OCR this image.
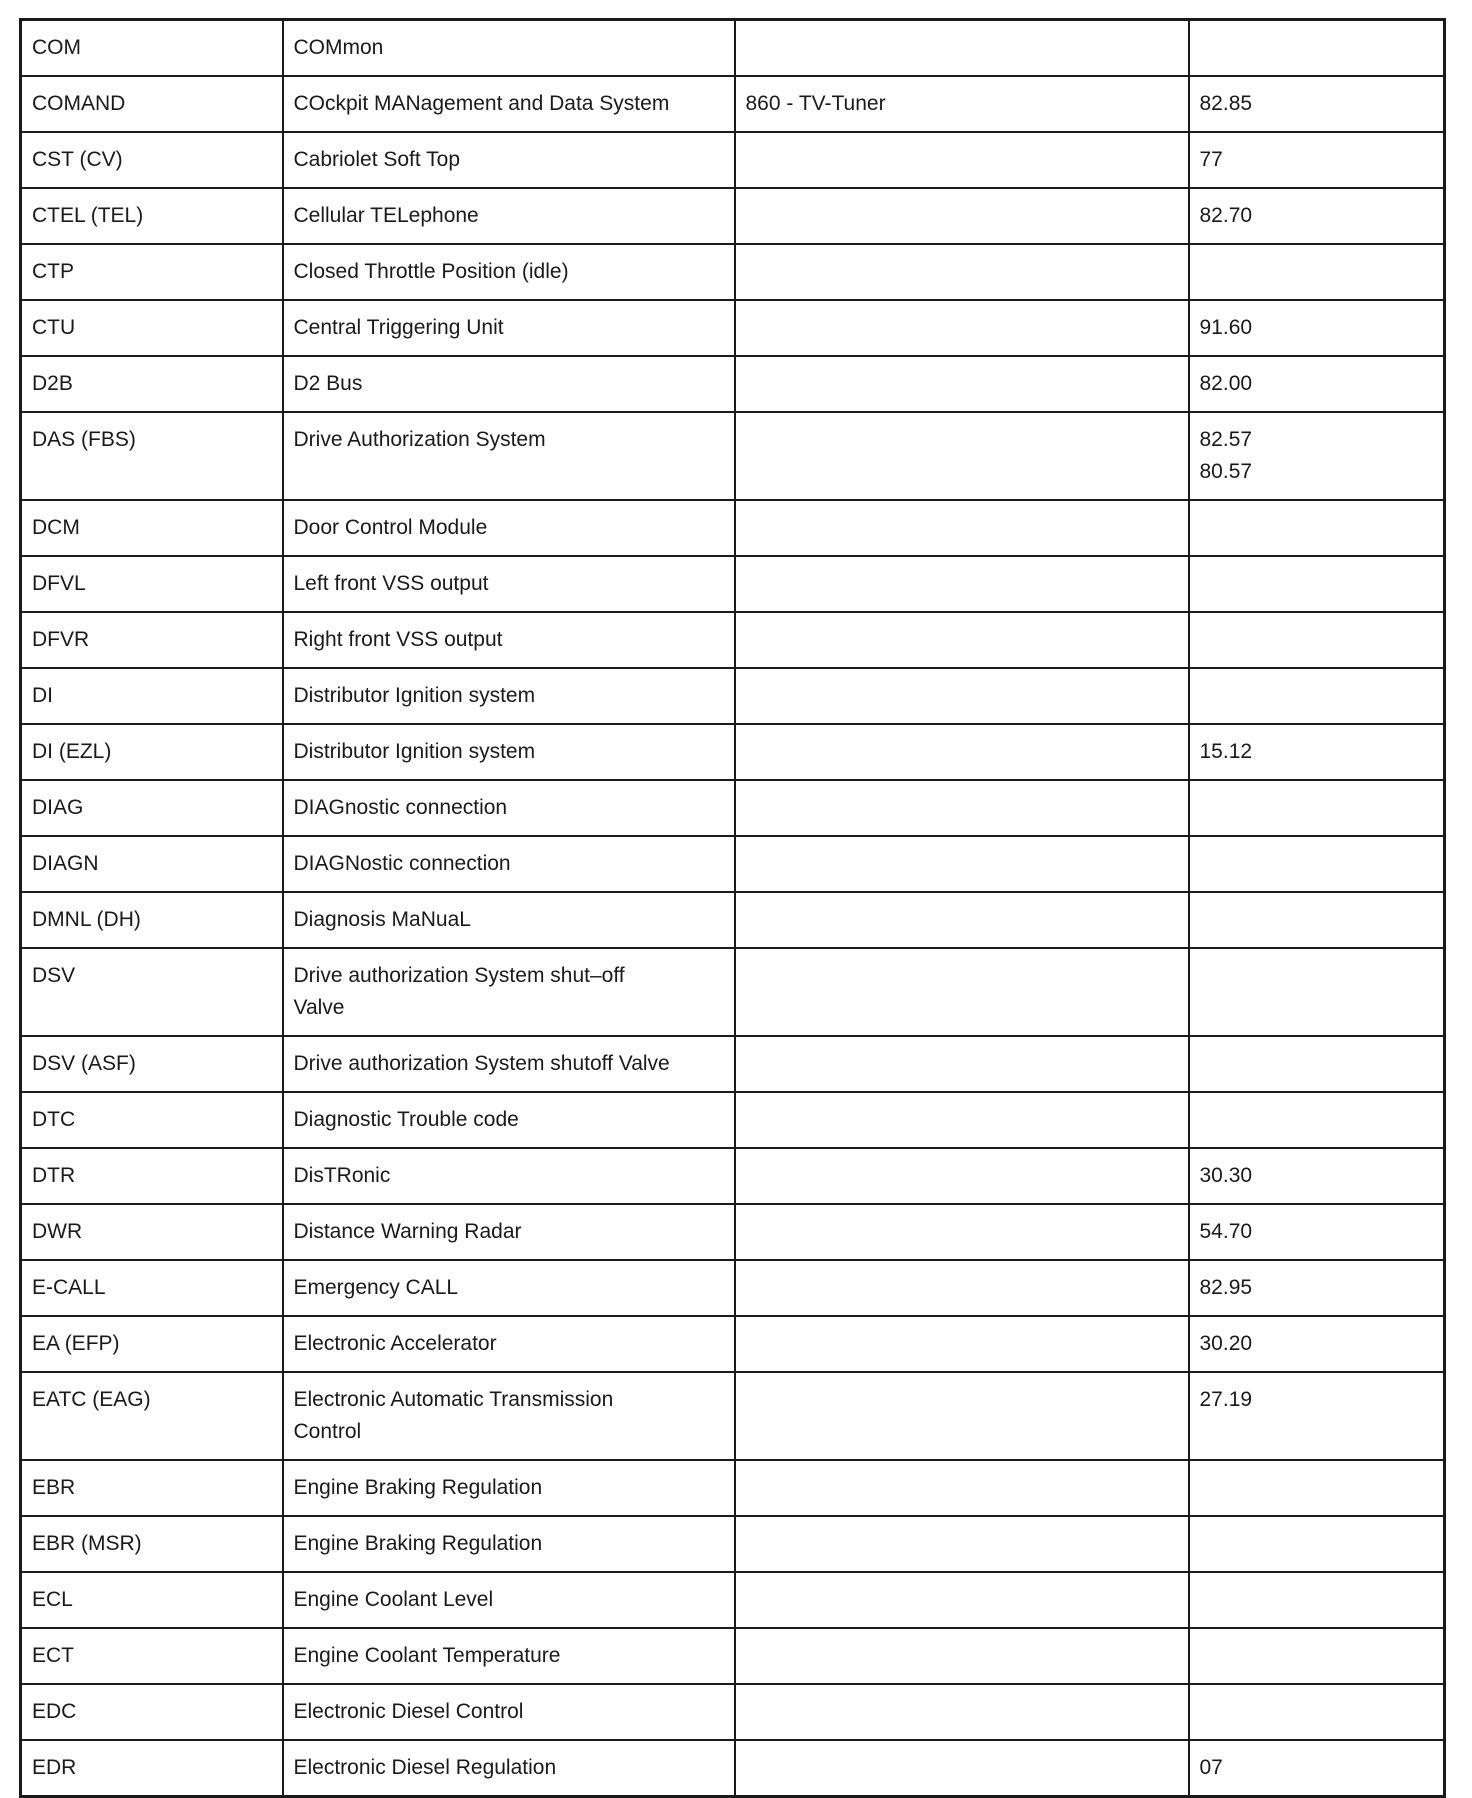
COM	COMmon		
COMAND	COckpit MANagement and Data System	860 - TV-Tuner	82.85
CST (CV)	Cabriolet Soft Top		77
CTEL (TEL)	Cellular TELephone		82.70
CTP	Closed Throttle Position (idle)		
CTU	Central Triggering Unit		91.60
D2B	D2 Bus		82.00
DAS (FBS)	Drive Authorization System		82.57
80.57
DCM	Door Control Module		
DFVL	Left front VSS output		
DFVR	Right front VSS output		
DI	Distributor Ignition system		
DI (EZL)	Distributor Ignition system		15.12
DIAG	DIAGnostic connection		
DIAGN	DIAGNostic connection		
DMNL (DH)	Diagnosis MaNuaL		
DSV	Drive authorization System shut–off
Valve		
DSV (ASF)	Drive authorization System shutoff Valve		
DTC	Diagnostic Trouble code		
DTR	DisTRonic		30.30
DWR	Distance Warning Radar		54.70
E-CALL	Emergency CALL		82.95
EA (EFP)	Electronic Accelerator		30.20
EATC (EAG)	Electronic Automatic Transmission
Control		27.19
EBR	Engine Braking Regulation		
EBR (MSR)	Engine Braking Regulation		
ECL	Engine Coolant Level		
ECT	Engine Coolant Temperature		
EDC	Electronic Diesel Control		
EDR	Electronic Diesel Regulation		07
